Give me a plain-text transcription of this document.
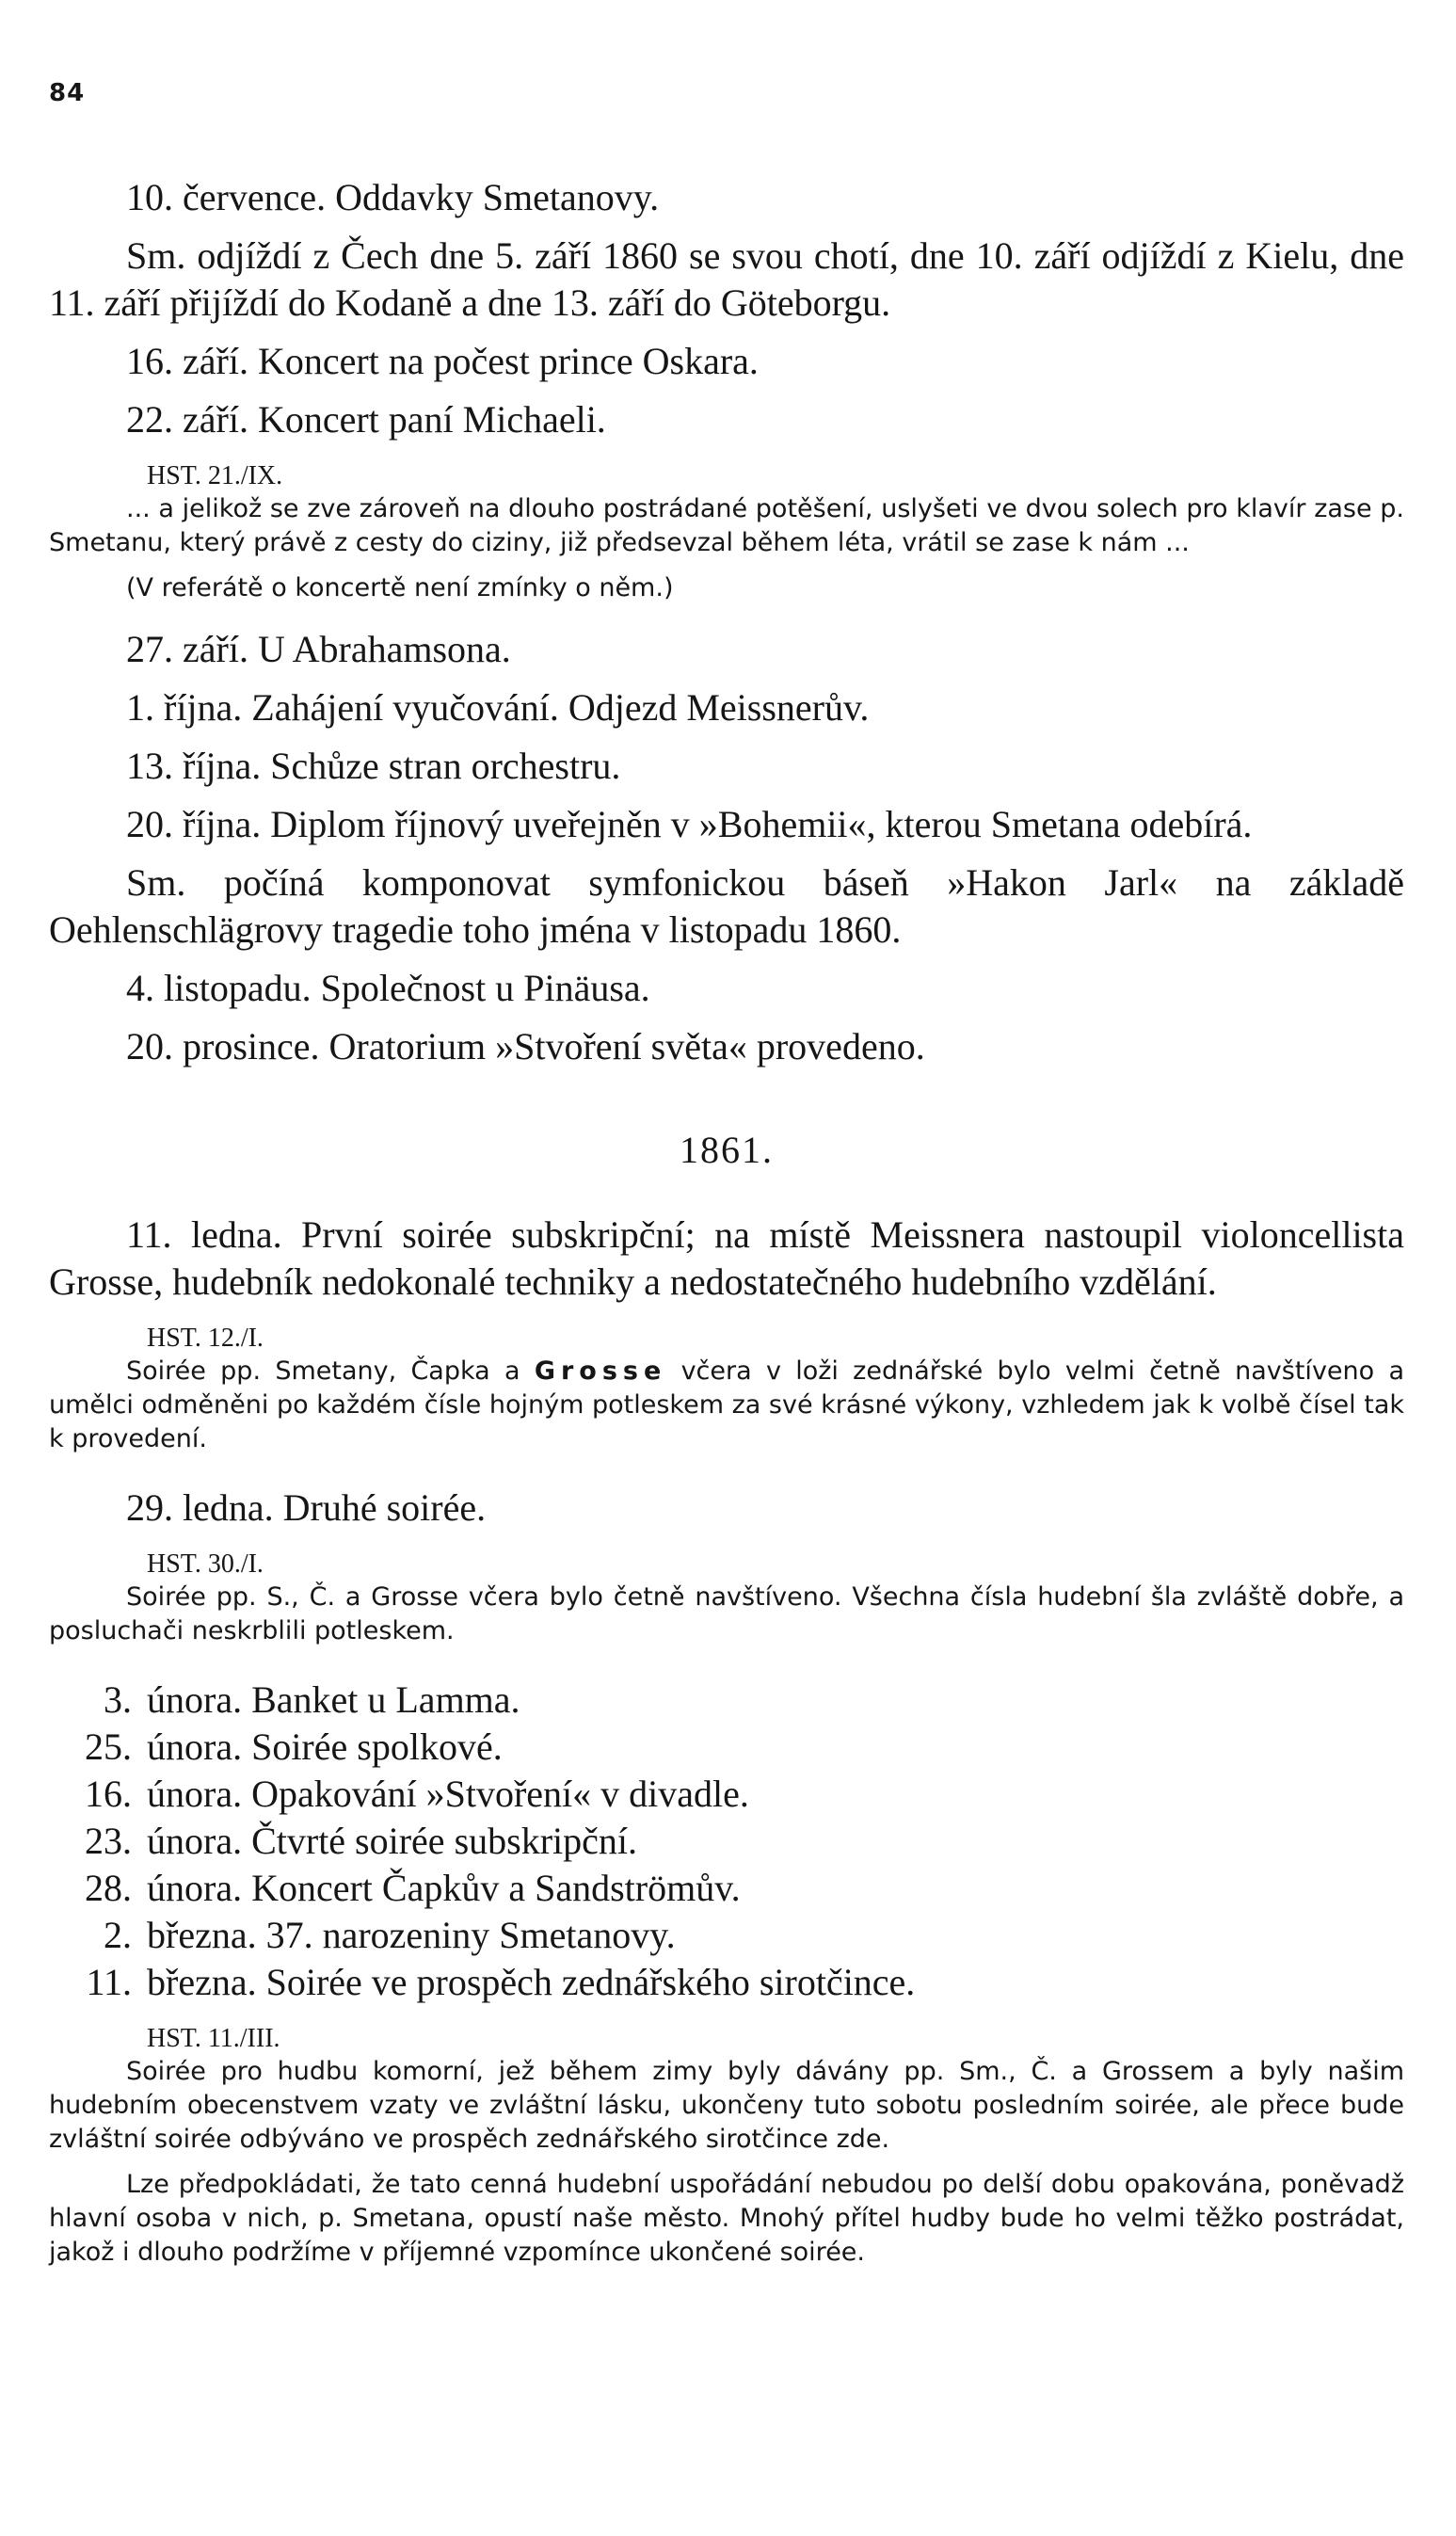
84

10. července. Oddavky Smetanovy.

Sm. odjíždí z Čech dne 5. září 1860 se svou chotí, dne 10. září odjíždí z Kielu, dne 11. září přijíždí do Kodaně a dne 13. září do Göteborgu.

16. září. Koncert na počest prince Oskara.

22. září. Koncert paní Michaeli.

HST. 21./IX.

... a jelikož se zve zároveň na dlouho postrádané potěšení, uslyšeti ve dvou solech pro klavír zase p. Smetanu, který právě z cesty do ciziny, již předsevzal během léta, vrátil se zase k nám ...

(V referátě o koncertě není zmínky o něm.)

27. září. U Abrahamsona.

1. října. Zahájení vyučování. Odjezd Meissnerův.

13. října. Schůze stran orchestru.

20. října. Diplom říjnový uveřejněn v »Bohemii«, kterou Smetana odebírá.

Sm. počíná komponovat symfonickou báseň »Hakon Jarl« na základě Oehlenschlägrovy tragedie toho jména v listopadu 1860.

4. listopadu. Společnost u Pinäusa.

20. prosince. Oratorium »Stvoření světa« provedeno.

1861.

11. ledna. První soirée subskripční; na místě Meissnera nastoupil violoncellista Grosse, hudebník nedokonalé techniky a nedostatečného hudebního vzdělání.

HST. 12./I.

Soirée pp. Smetany, Čapka a Grosse včera v loži zednářské bylo velmi četně navštíveno a umělci odměněni po každém čísle hojným potleskem za své krásné výkony, vzhledem jak k volbě čísel tak k provedení.

29. ledna. Druhé soirée.

HST. 30./I.

Soirée pp. S., Č. a Grosse včera bylo četně navštíveno. Všechna čísla hudební šla zvláště dobře, a posluchači neskrblili potleskem.

3. února. Banket u Lamma.

25. února. Soirée spolkové.

16. února. Opakování »Stvoření« v divadle.

23. února. Čtvrté soirée subskripční.

28. února. Koncert Čapkův a Sandströmův.

2. března. 37. narozeniny Smetanovy.

11. března. Soirée ve prospěch zednářského sirotčince.

HST. 11./III.

Soirée pro hudbu komorní, jež během zimy byly dávány pp. Sm., Č. a Grossem a byly našim hudebním obecenstvem vzaty ve zvláštní lásku, ukončeny tuto sobotu posledním soirée, ale přece bude zvláštní soirée odbýváno ve prospěch zednářského sirotčince zde.

Lze předpokládati, že tato cenná hudební uspořádání nebudou po delší dobu opakována, poněvadž hlavní osoba v nich, p. Smetana, opustí naše město. Mnohý přítel hudby bude ho velmi těžko postrádat, jakož i dlouho podržíme v příjemné vzpomínce ukončené soirée.
